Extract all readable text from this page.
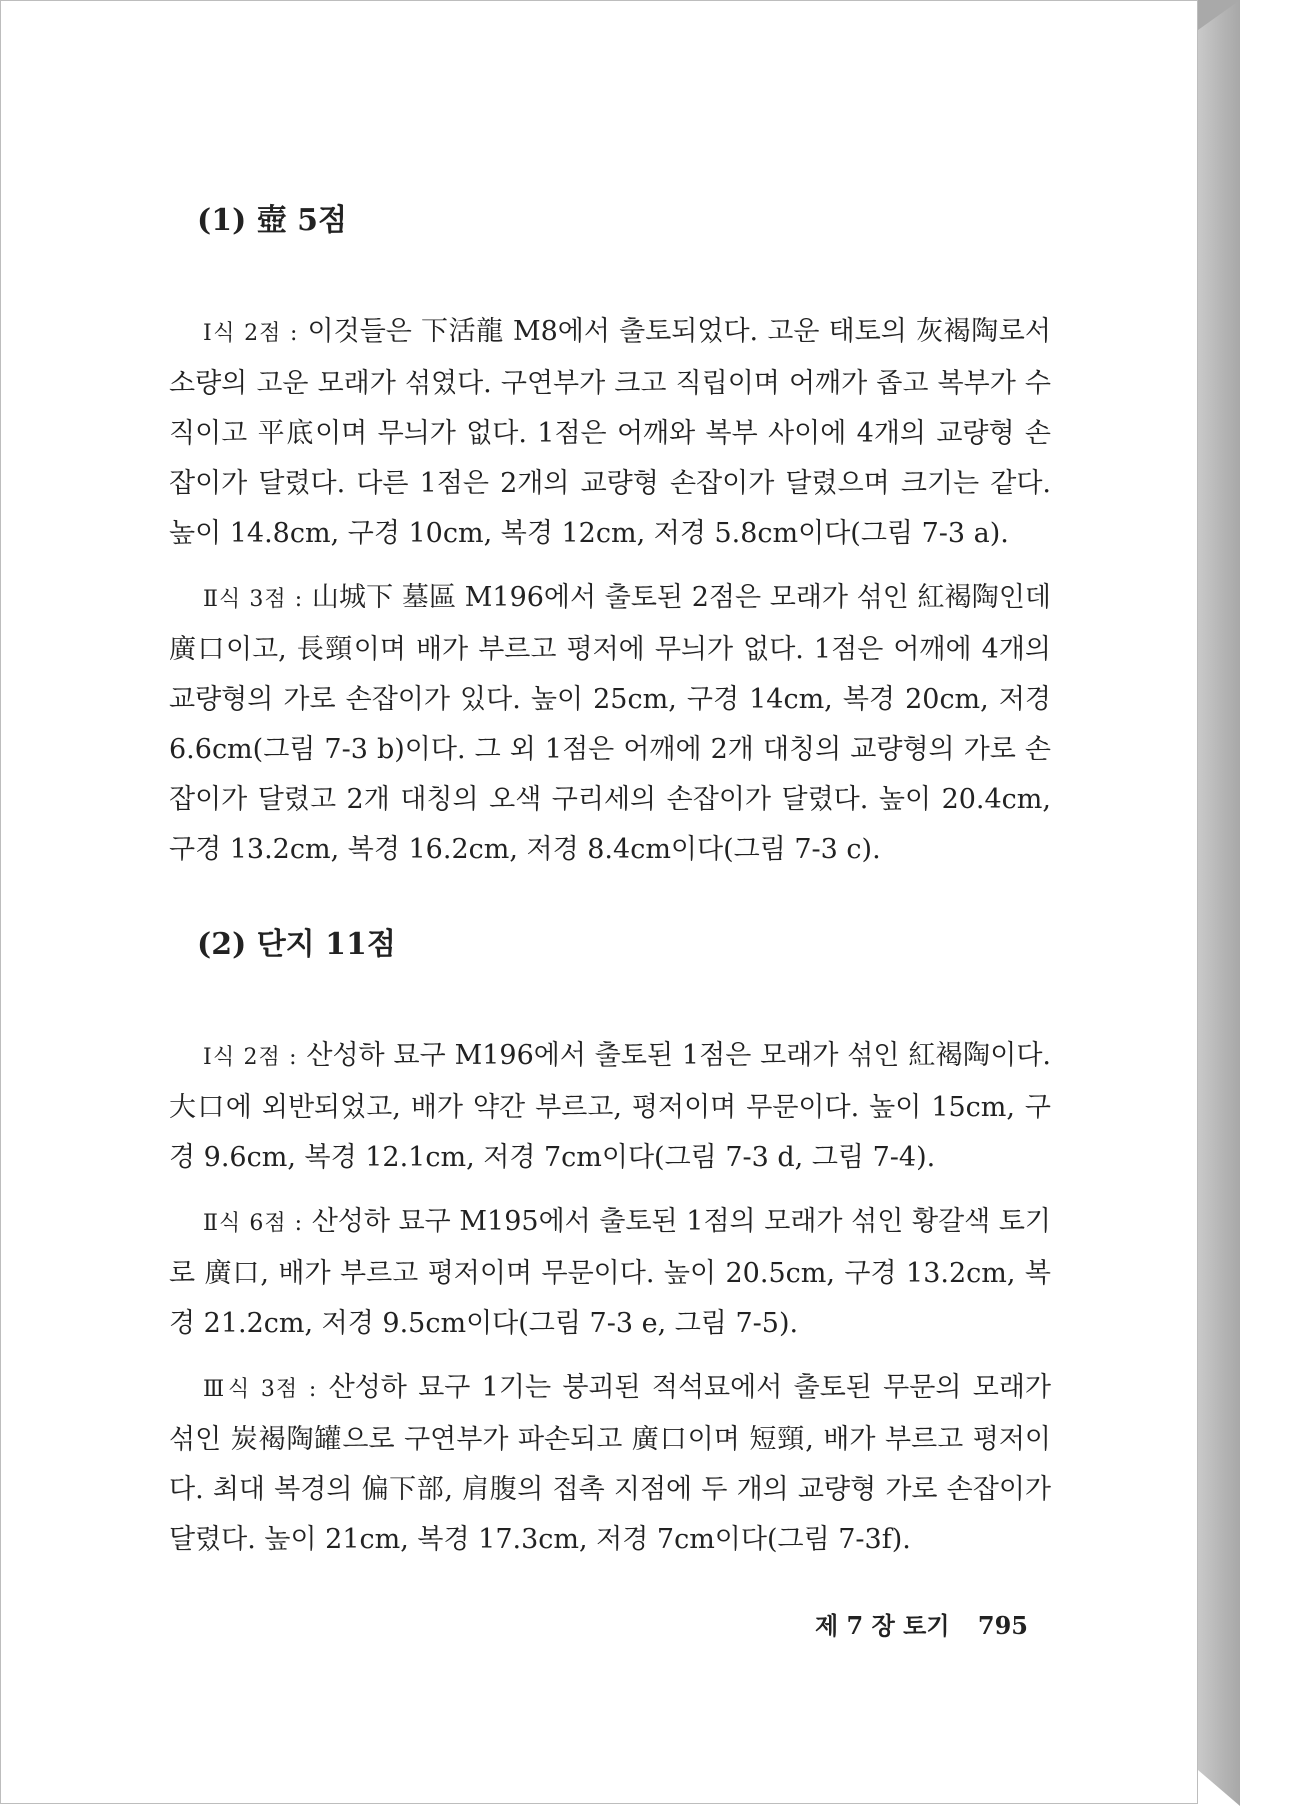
(1) 壺 5점

Ⅰ식 2점 : 이것들은 下活龍 M8에서 출토되었다. 고운 태토의 灰褐陶로서 소량의 고운 모래가 섞였다. 구연부가 크고 직립이며 어깨가 좁고 복부가 수직이고 平底이며 무늬가 없다. 1점은 어깨와 복부 사이에 4개의 교량형 손잡이가 달렸다. 다른 1점은 2개의 교량형 손잡이가 달렸으며 크기는 같다. 높이 14.8cm, 구경 10cm, 복경 12cm, 저경 5.8cm이다(그림 7-3 a).

Ⅱ식 3점 : 山城下 墓區 M196에서 출토된 2점은 모래가 섞인 紅褐陶인데 廣口이고, 長頸이며 배가 부르고 평저에 무늬가 없다. 1점은 어깨에 4개의 교량형의 가로 손잡이가 있다. 높이 25cm, 구경 14cm, 복경 20cm, 저경 6.6cm(그림 7-3 b)이다. 그 외 1점은 어깨에 2개 대칭의 교량형의 가로 손잡이가 달렸고 2개 대칭의 오색 구리세의 손잡이가 달렸다. 높이 20.4cm, 구경 13.2cm, 복경 16.2cm, 저경 8.4cm이다(그림 7-3 c).

(2) 단지 11점

Ⅰ식 2점 : 산성하 묘구 M196에서 출토된 1점은 모래가 섞인 紅褐陶이다. 大口에 외반되었고, 배가 약간 부르고, 평저이며 무문이다. 높이 15cm, 구경 9.6cm, 복경 12.1cm, 저경 7cm이다(그림 7-3 d, 그림 7-4).

Ⅱ식 6점 : 산성하 묘구 M195에서 출토된 1점의 모래가 섞인 황갈색 토기로 廣口, 배가 부르고 평저이며 무문이다. 높이 20.5cm, 구경 13.2cm, 복경 21.2cm, 저경 9.5cm이다(그림 7-3 e, 그림 7-5).

Ⅲ식 3점 : 산성하 묘구 1기는 붕괴된 적석묘에서 출토된 무문의 모래가 섞인 炭褐陶罐으로 구연부가 파손되고 廣口이며 短頸, 배가 부르고 평저이다. 최대 복경의 偏下部, 肩腹의 접촉 지점에 두 개의 교량형 가로 손잡이가 달렸다. 높이 21cm, 복경 17.3cm, 저경 7cm이다(그림 7-3f).

제 7 장 토기 795
